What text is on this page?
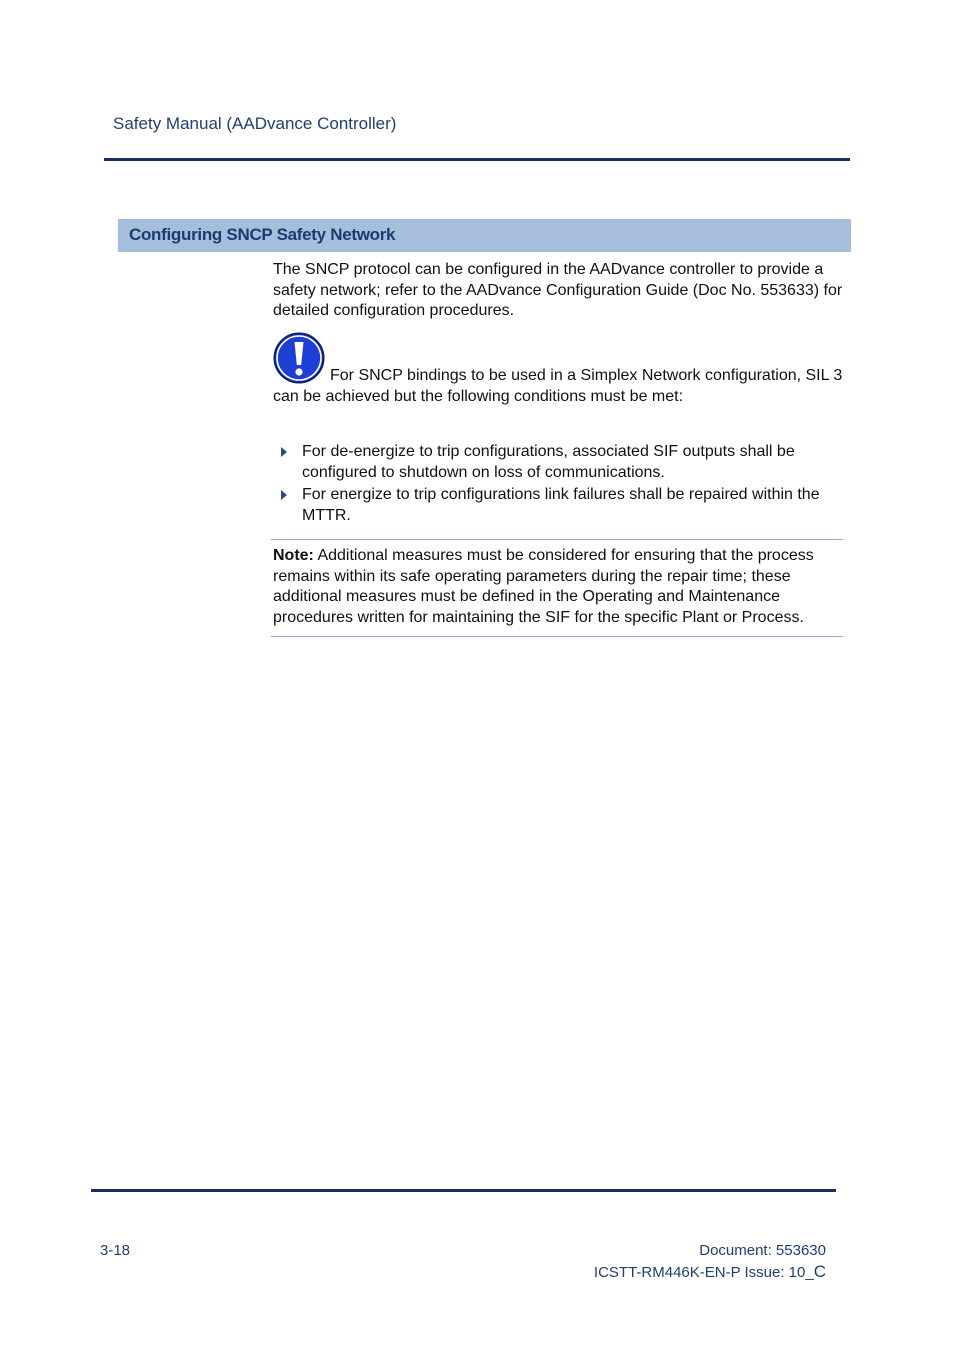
Safety Manual (AADvance Controller)
Configuring SNCP Safety Network

The SNCP protocol can be configured in the AADvance controller to provide a safety network; refer to the AADvance Configuration Guide (Doc No. 553633) for detailed configuration procedures.

For SNCP bindings to be used in a Simplex Network configuration, SIL 3 can be achieved but the following conditions must be met:

For de-energize to trip configurations, associated SIF outputs shall be configured to shutdown on loss of communications.
For energize to trip configurations link failures shall be repaired within the MTTR.

Note: Additional measures must be considered for ensuring that the process remains within its safe operating parameters during the repair time; these additional measures must be defined in the Operating and Maintenance procedures written for maintaining the SIF for the specific Plant or Process.

3-18	Document: 553630
ICSTT-RM446K-EN-P Issue: 10_C
